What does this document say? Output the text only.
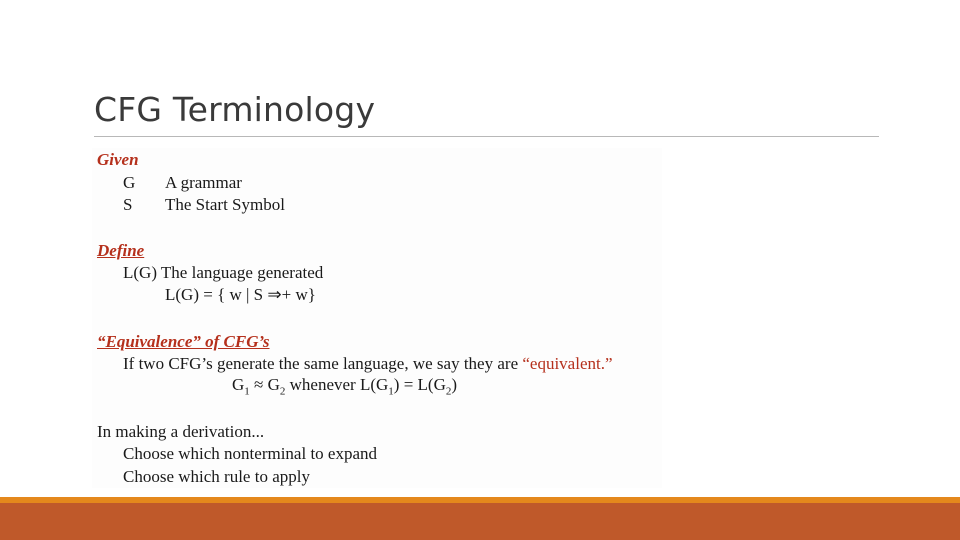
CFG Terminology
Given
G A grammar
S The Start Symbol
Define
L(G) The language generated
L(G) = { w | S ⇒+ w}
“Equivalence” of CFG’s
If two CFG’s generate the same language, we say they are “equivalent.”
$G_1 \approx G_2$ whenever $L(G_1) = L(G_2)$
In making a derivation...
Choose which nonterminal to expand
Choose which rule to apply
